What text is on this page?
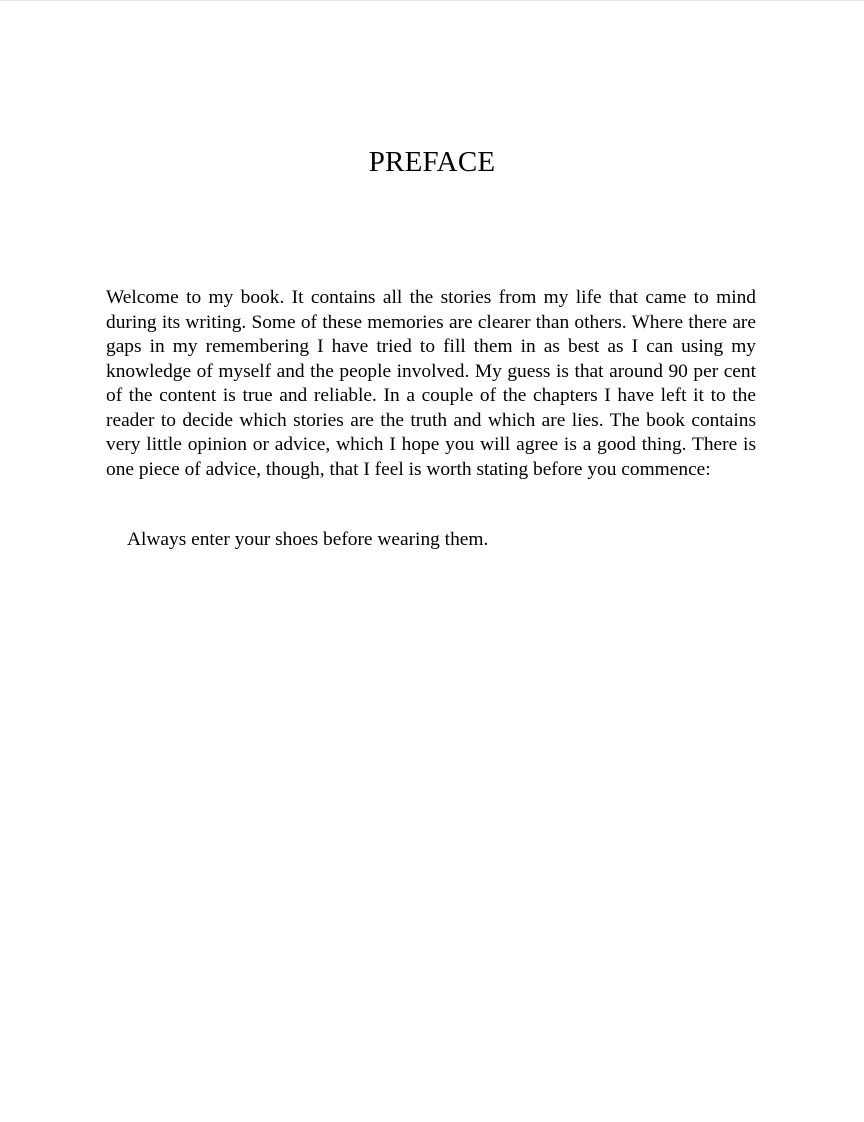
PREFACE

Welcome to my book. It contains all the stories from my life that came to mind during its writing. Some of these memories are clearer than others. Where there are gaps in my remembering I have tried to fill them in as best as I can using my knowledge of myself and the people involved. My guess is that around 90 per cent of the content is true and reliable. In a couple of the chapters I have left it to the reader to decide which stories are the truth and which are lies. The book contains very little opinion or advice, which I hope you will agree is a good thing. There is one piece of advice, though, that I feel is worth stating before you commence:

Always enter your shoes before wearing them.
